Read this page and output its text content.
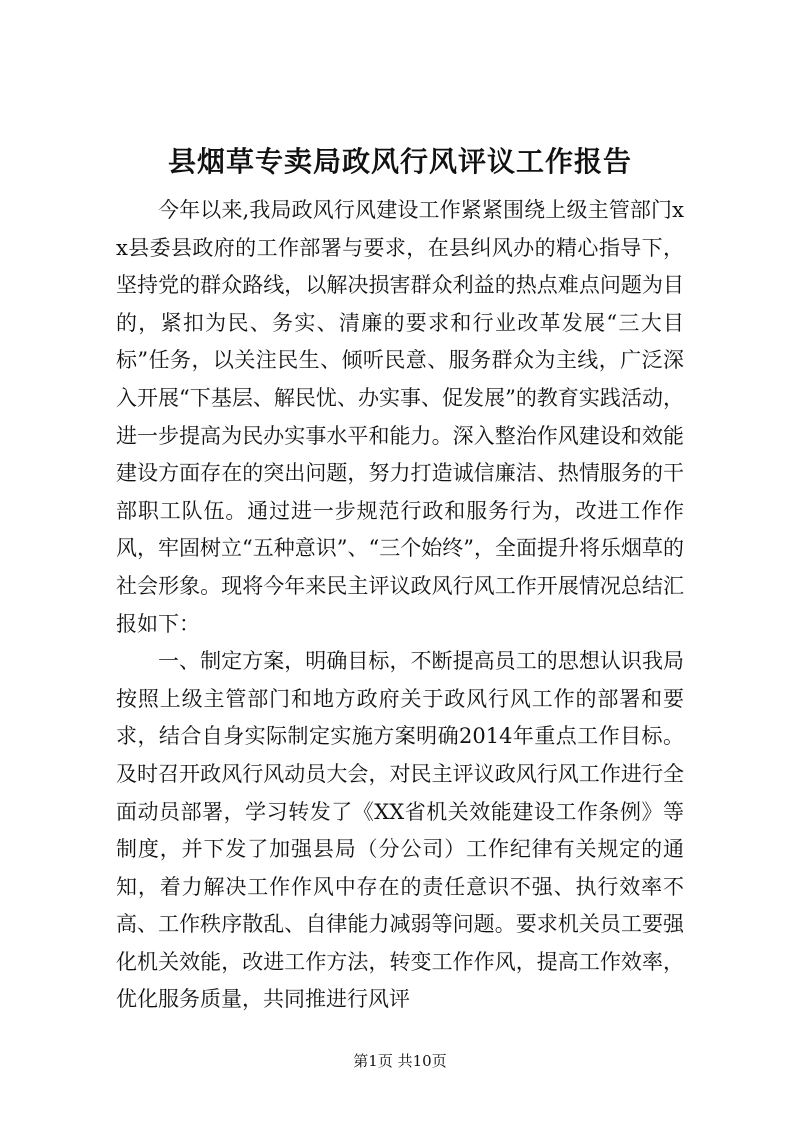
县烟草专卖局政风行风评议工作报告

今年以来,我局政风行风建设工作紧紧围绕上级主管部门xx县委县政府的工作部署与要求，在县纠风办的精心指导下，坚持党的群众路线，以解决损害群众利益的热点难点问题为目的，紧扣为民、务实、清廉的要求和行业改革发展“三大目标”任务，以关注民生、倾听民意、服务群众为主线，广泛深入开展“下基层、解民忧、办实事、促发展”的教育实践活动，进一步提高为民办实事水平和能力。深入整治作风建设和效能建设方面存在的突出问题，努力打造诚信廉洁、热情服务的干部职工队伍。通过进一步规范行政和服务行为，改进工作作风，牢固树立“五种意识”、“三个始终”，全面提升将乐烟草的社会形象。现将今年来民主评议政风行风工作开展情况总结汇报如下：

一、制定方案，明确目标，不断提高员工的思想认识我局按照上级主管部门和地方政府关于政风行风工作的部署和要求，结合自身实际制定实施方案明确2014年重点工作目标。及时召开政风行风动员大会，对民主评议政风行风工作进行全面动员部署，学习转发了《XX省机关效能建设工作条例》等制度，并下发了加强县局（分公司）工作纪律有关规定的通知，着力解决工作作风中存在的责任意识不强、执行效率不高、工作秩序散乱、自律能力减弱等问题。要求机关员工要强化机关效能，改进工作方法，转变工作作风，提高工作效率，优化服务质量，共同推进行风评

第1页 共10页
